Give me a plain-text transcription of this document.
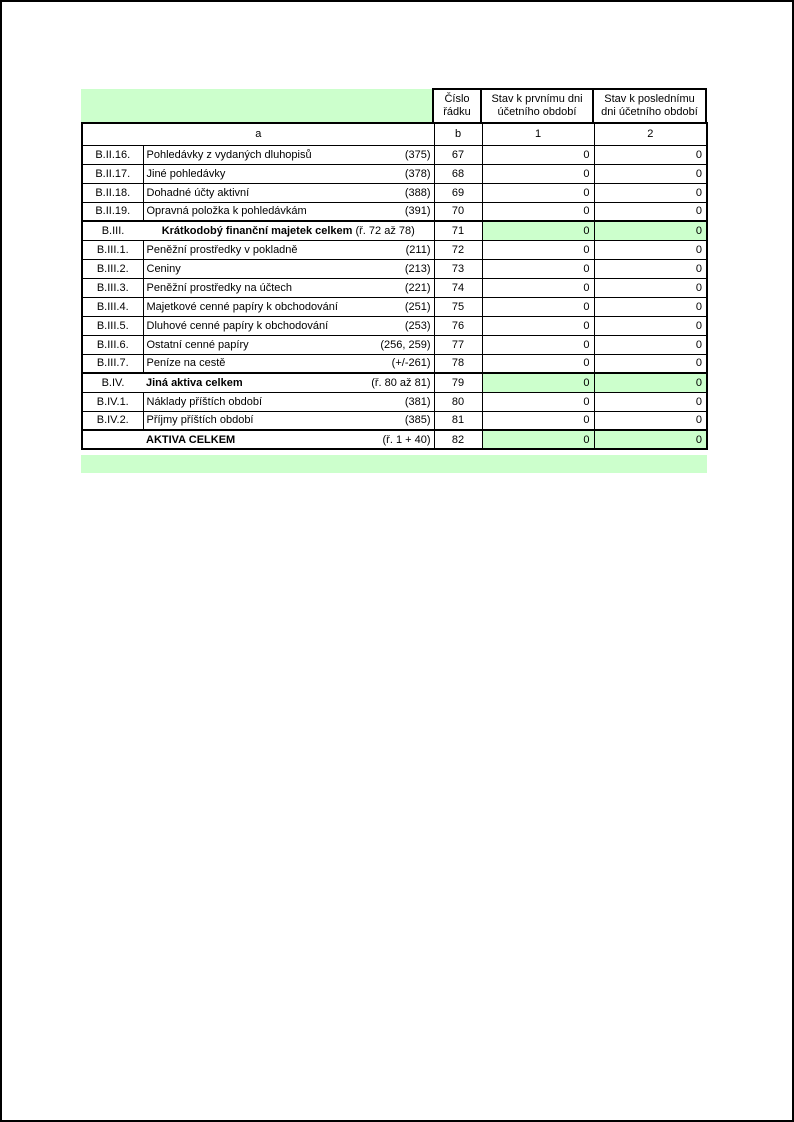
	Číslo řádku	Stav k prvnímu dni účetního období	Stav k poslednímu dni účetního období
a		b	1	2
B.II.16.	Pohledávky z vydaných dluhopisů (375)	67	0	0
B.II.17.	Jiné pohledávky (378)	68	0	0
B.II.18.	Dohadné účty aktivní (388)	69	0	0
B.II.19.	Opravná položka k pohledávkám (391)	70	0	0
B.III.	Krátkodobý finanční majetek celkem (ř. 72 až 78)	71	0	0
B.III.1.	Peněžní prostředky v pokladně (211)	72	0	0
B.III.2.	Ceniny (213)	73	0	0
B.III.3.	Peněžní prostředky na účtech (221)	74	0	0
B.III.4.	Majetkové cenné papíry k obchodování (251)	75	0	0
B.III.5.	Dluhové cenné papíry k obchodování (253)	76	0	0
B.III.6.	Ostatní cenné papíry (256, 259)	77	0	0
B.III.7.	Peníze na cestě (+/-261)	78	0	0
B.IV.	Jiná aktiva celkem (ř. 80 až 81)	79	0	0
B.IV.1.	Náklady příštích období (381)	80	0	0
B.IV.2.	Příjmy příštích období (385)	81	0	0

	AKTIVA CELKEM (ř. 1 + 40)	82	0	0
